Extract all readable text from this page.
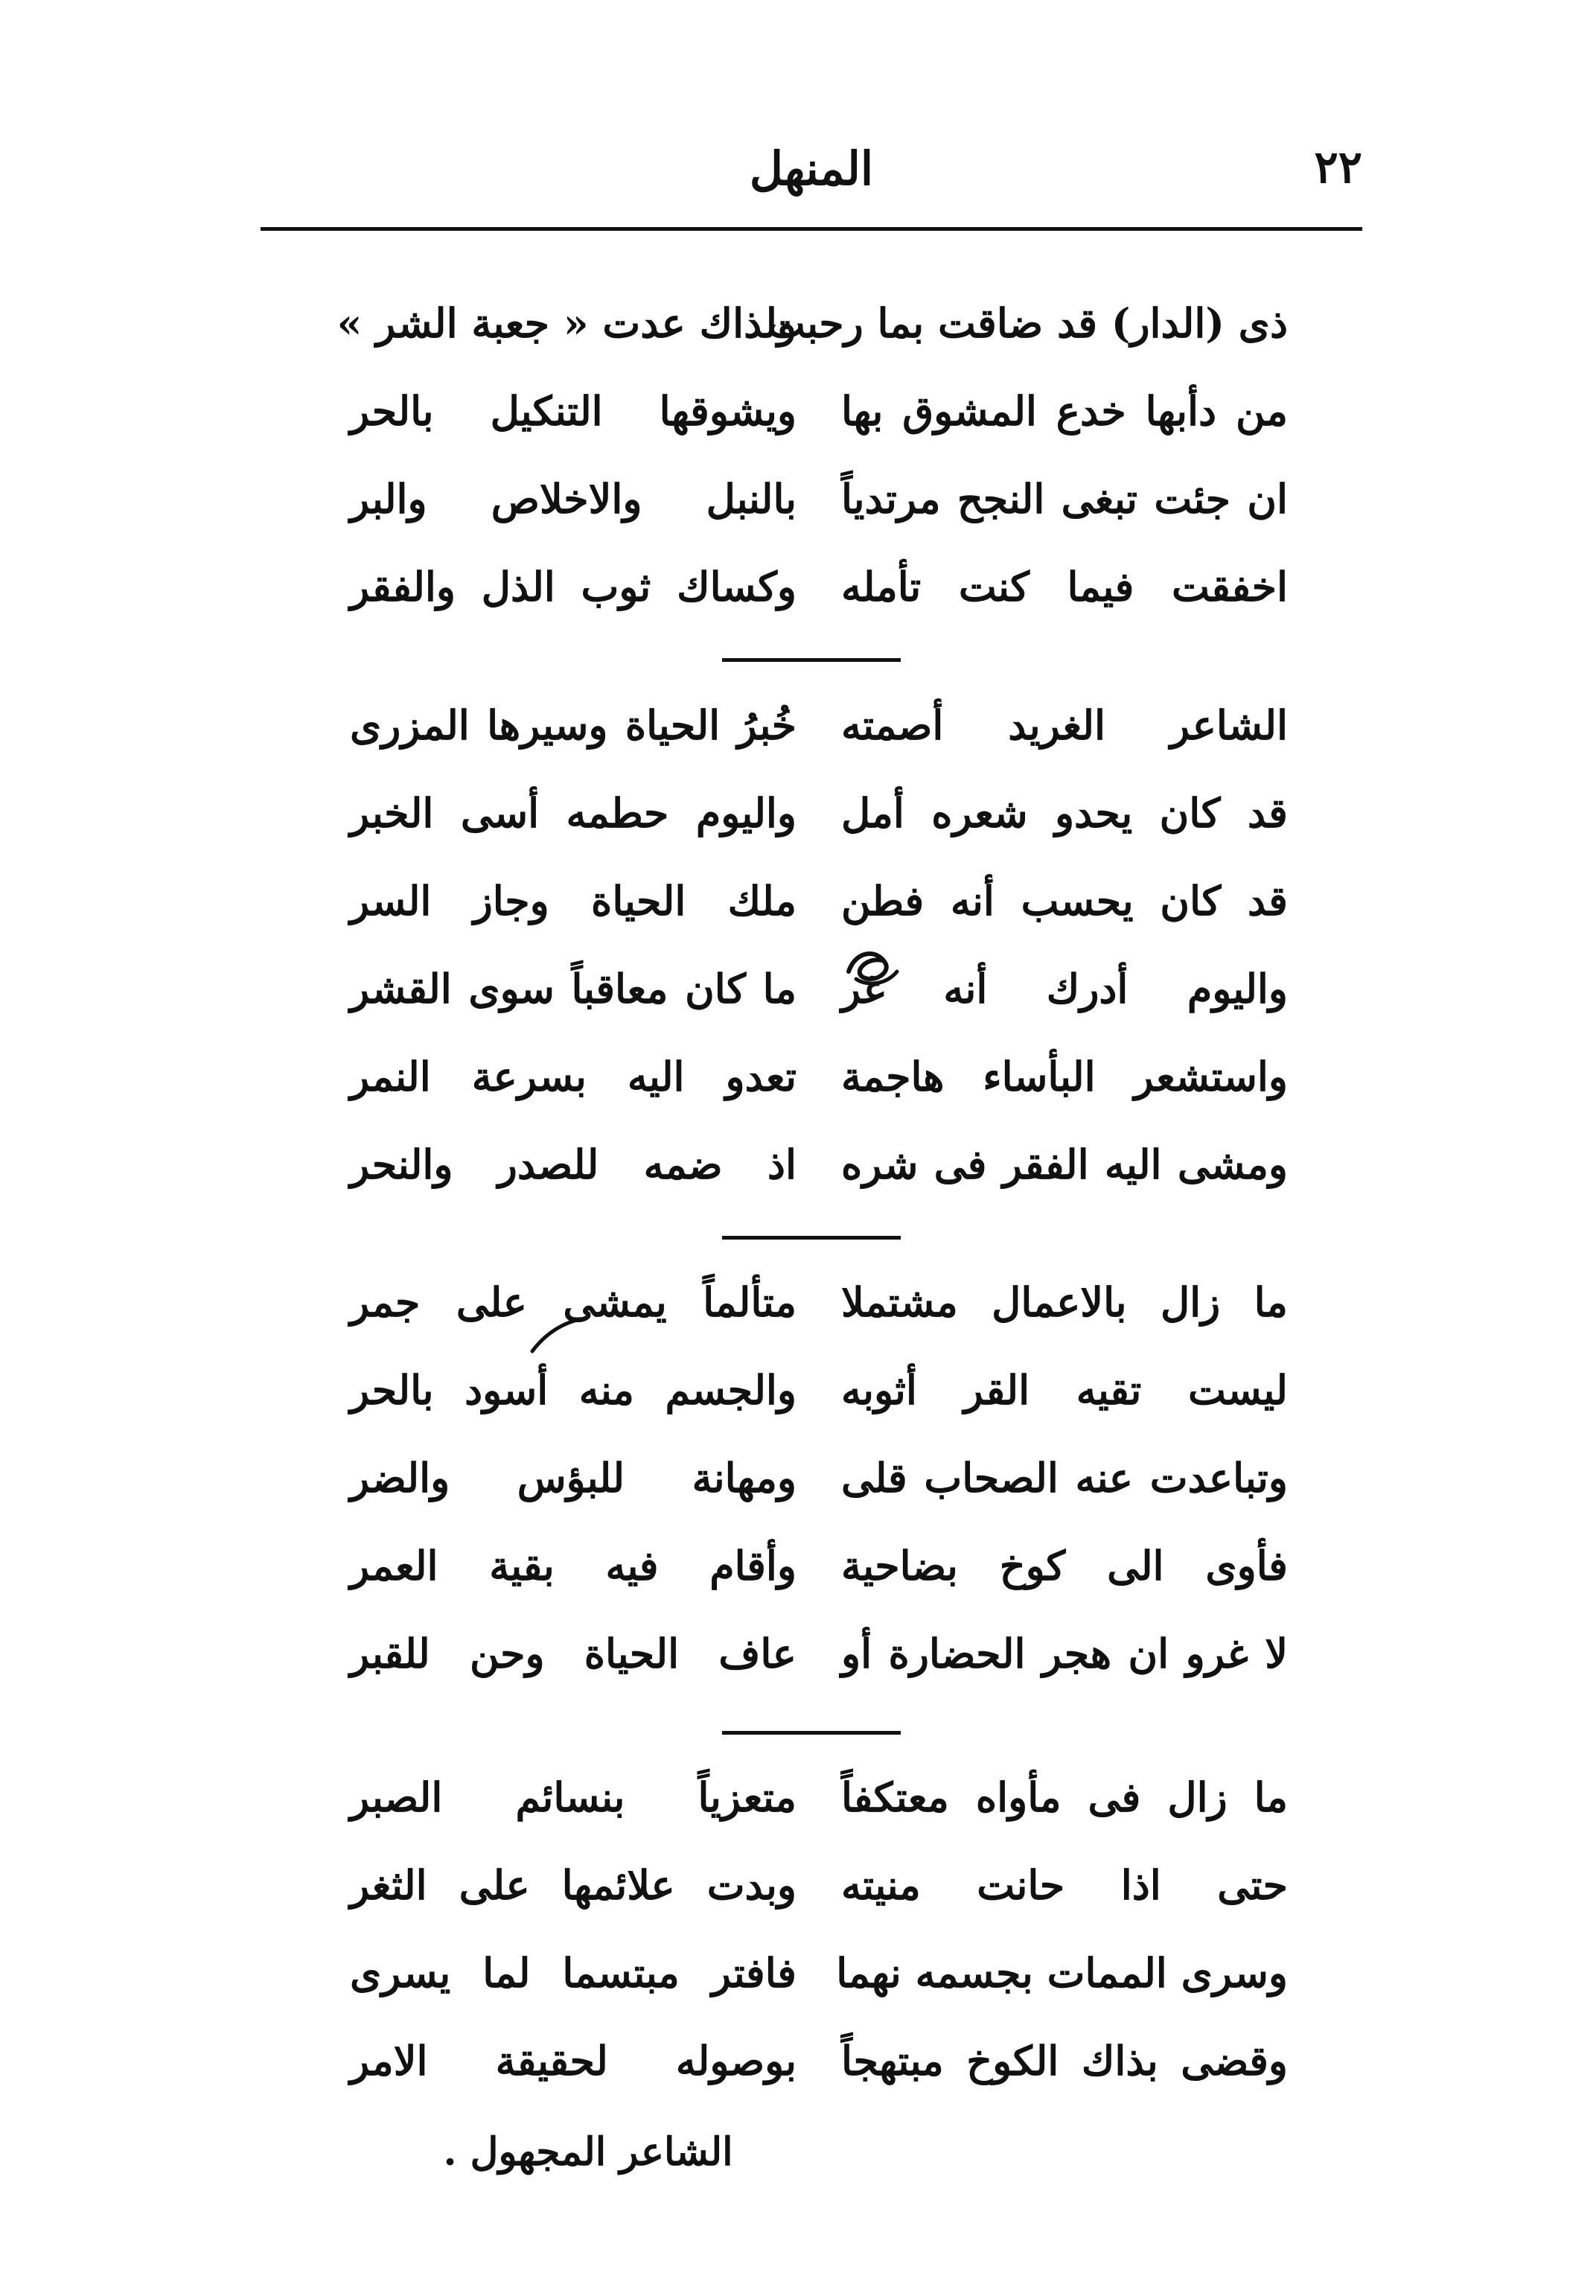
٢٢
المنهل
ذی (الدار) قد ضاقت بما رحبت
ولذاك عدت « جعبة الشر »
من دأبها خدع المشوق بها
ويشوقها التنكيل بالحر
ان جئت تبغی النجح مرتدياً
بالنبل والاخلاص والبر
اخفقت فيما كنت تأمله
وكساك ثوب الذل والفقر
الشاعر الغريد أصمته
خُبرُ الحياة وسيرها المزری
قد كان يحدو شعره أمل
واليوم حطمه أسى الخبر
قد كان يحسب أنه فطن
ملك الحياة وجاز السر
واليوم أدرك أنه غر
ما كان معاقباً سوى القشر
واستشعر البأساء هاجمة
تعدو اليه بسرعة النمر
ومشى اليه الفقر فی شره
اذ ضمه للصدر والنحر
ما زال بالاعمال مشتملا
متألماً يمشی علی جمر
ليست تقيه القر أثوبه
والجسم منه أسود بالحر
وتباعدت عنه الصحاب قلی
ومهانة للبؤس والضر
فأوى الی كوخ بضاحية
وأقام فيه بقية العمر
لا غرو ان هجر الحضارة أو
عاف الحياة وحن للقبر
ما زال فی مأواه معتكفاً
متعزياً بنسائم الصبر
حتی اذا حانت منيته
وبدت علائمها علی الثغر
وسری الممات بجسمه نهما
فافتر مبتسما لما يسری
وقضی بذاك الكوخ مبتهجاً
بوصوله لحقيقة الامر
الشاعر المجهول .
